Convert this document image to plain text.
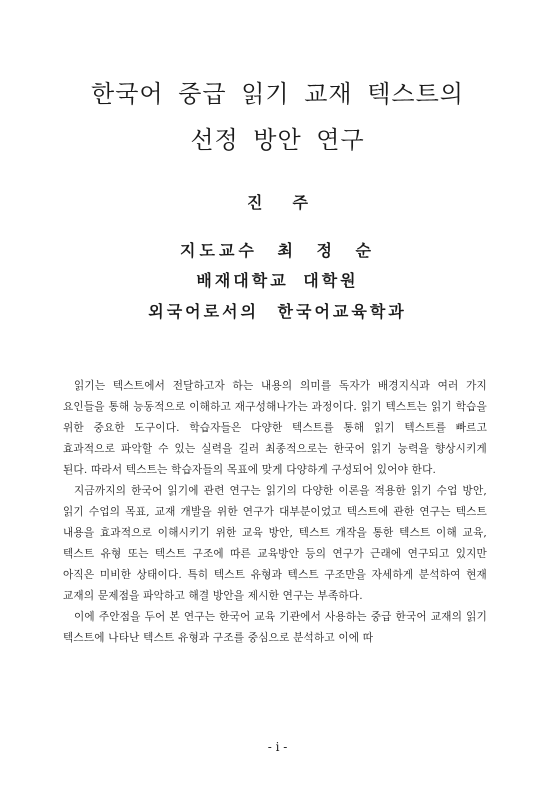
한국어 중급 읽기 교재 텍스트의
선정 방안 연구
진주
지도교수 최 정 순
배재대학교 대학원
외국어로서의 한국어교육학과

읽기는 텍스트에서 전달하고자 하는 내용의 의미를 독자가 배경지식과 여러 가지 요인들을 통해 능동적으로 이해하고 재구성해나가는 과정이다. 읽기 텍스트는 읽기 학습을 위한 중요한 도구이다. 학습자들은 다양한 텍스트를 통해 읽기 텍스트를 빠르고 효과적으로 파악할 수 있는 실력을 길러 최종적으로는 한국어 읽기 능력을 향상시키게 된다. 따라서 텍스트는 학습자들의 목표에 맞게 다양하게 구성되어 있어야 한다.

지금까지의 한국어 읽기에 관련 연구는 읽기의 다양한 이론을 적용한 읽기 수업 방안, 읽기 수업의 목표, 교재 개발을 위한 연구가 대부분이었고 텍스트에 관한 연구는 텍스트 내용을 효과적으로 이해시키기 위한 교육 방안, 텍스트 개작을 통한 텍스트 이해 교육, 텍스트 유형 또는 텍스트 구조에 따른 교육방안 등의 연구가 근래에 연구되고 있지만 아직은 미비한 상태이다. 특히 텍스트 유형과 텍스트 구조만을 자세하게 분석하여 현재 교재의 문제점을 파악하고 해결 방안을 제시한 연구는 부족하다.

이에 주안점을 두어 본 연구는 한국어 교육 기관에서 사용하는 중급 한국어 교재의 읽기 텍스트에 나타난 텍스트 유형과 구조를 중심으로 분석하고 이에 따

- i -
